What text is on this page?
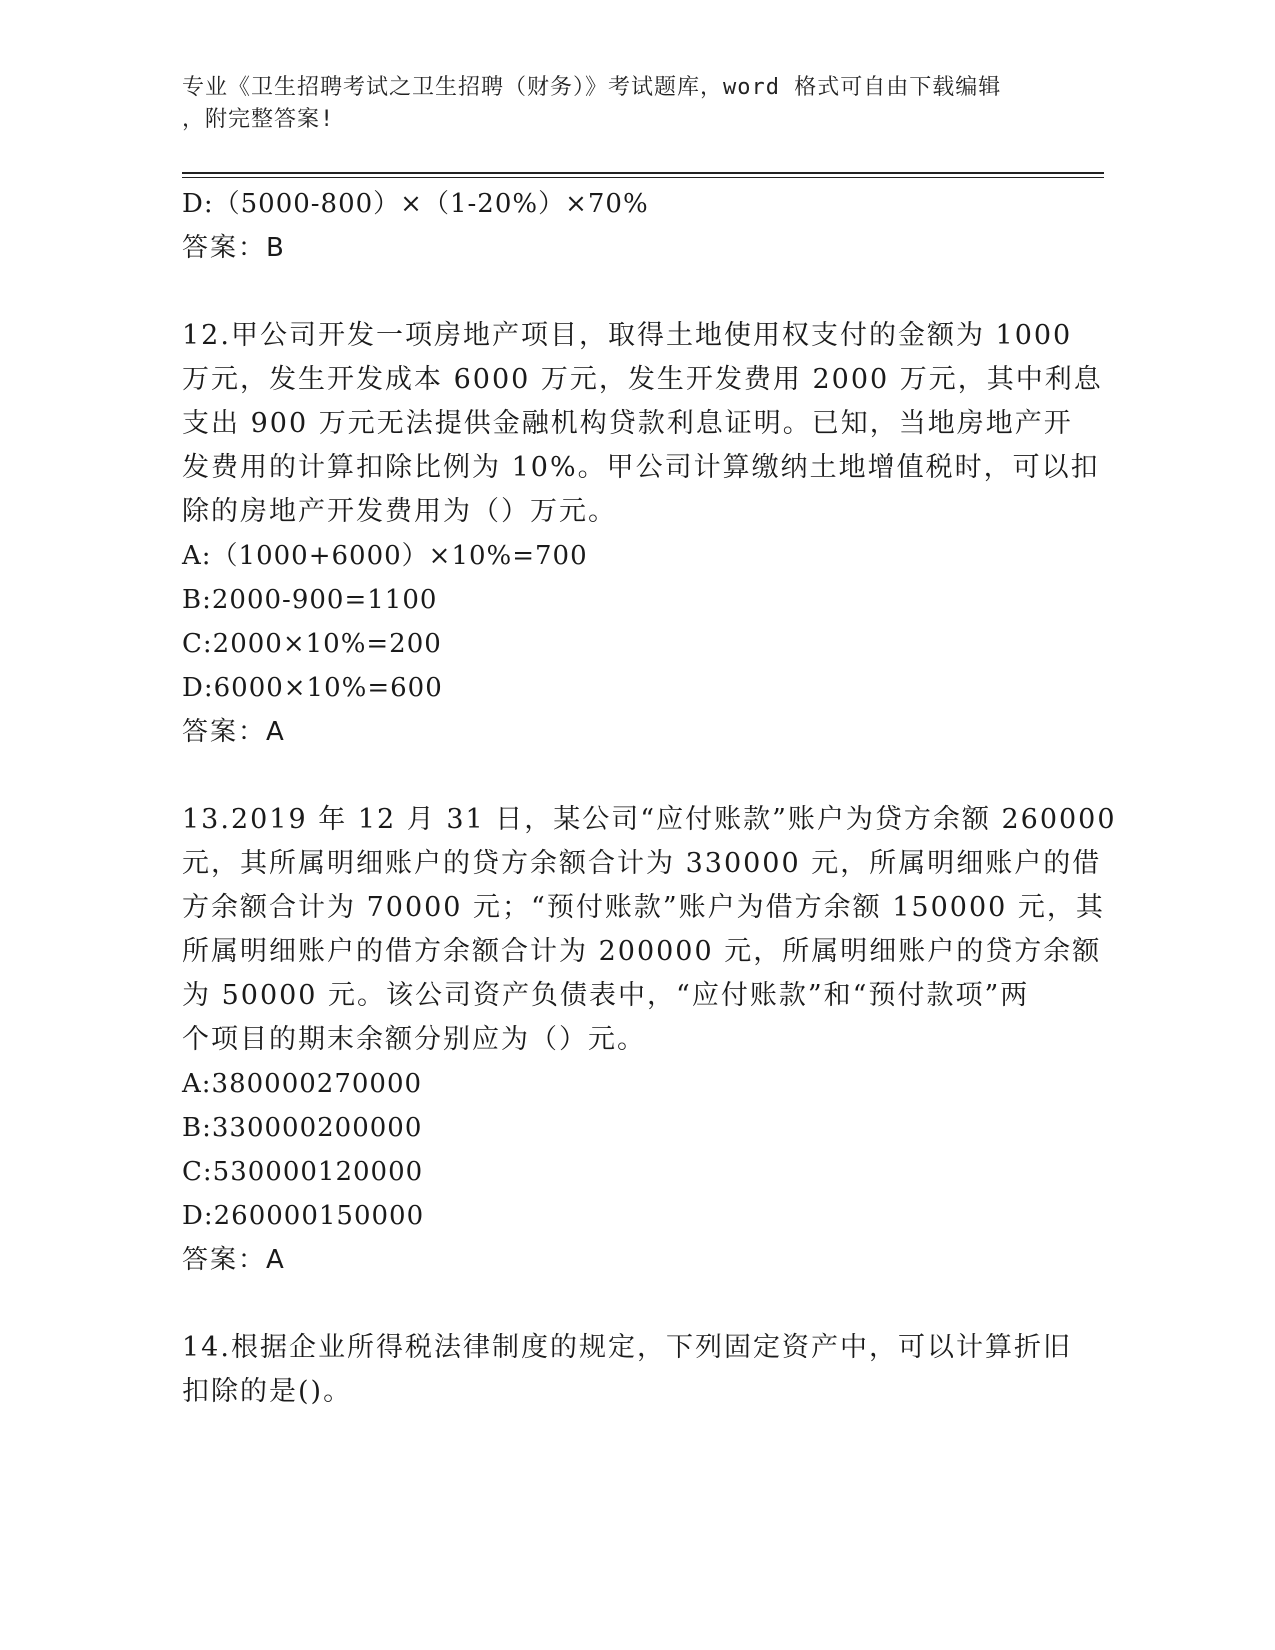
专业《卫生招聘考试之卫生招聘（财务）》考试题库，word 格式可自由下载编辑
，附完整答案!
D:（5000-800）×（1-20%）×70%
答案：B
12.甲公司开发一项房地产项目，取得土地使用权支付的金额为 1000
万元，发生开发成本 6000 万元，发生开发费用 2000 万元，其中利息
支出 900 万元无法提供金融机构贷款利息证明。已知，当地房地产开
发费用的计算扣除比例为 10%。甲公司计算缴纳土地增值税时，可以扣
除的房地产开发费用为（）万元。
A:（1000+6000）×10%=700
B:2000-900=1100
C:2000×10%=200
D:6000×10%=600
答案：A
13.2019 年 12 月 31 日，某公司“应付账款”账户为贷方余额 260000
元，其所属明细账户的贷方余额合计为 330000 元，所属明细账户的借
方余额合计为 70000 元；“预付账款”账户为借方余额 150000 元，其
所属明细账户的借方余额合计为 200000 元，所属明细账户的贷方余额
为 50000 元。该公司资产负债表中，“应付账款”和“预付款项”两
个项目的期末余额分别应为（）元。
A:380000270000
B:330000200000
C:530000120000
D:260000150000
答案：A
14.根据企业所得税法律制度的规定，下列固定资产中，可以计算折旧
扣除的是()。
